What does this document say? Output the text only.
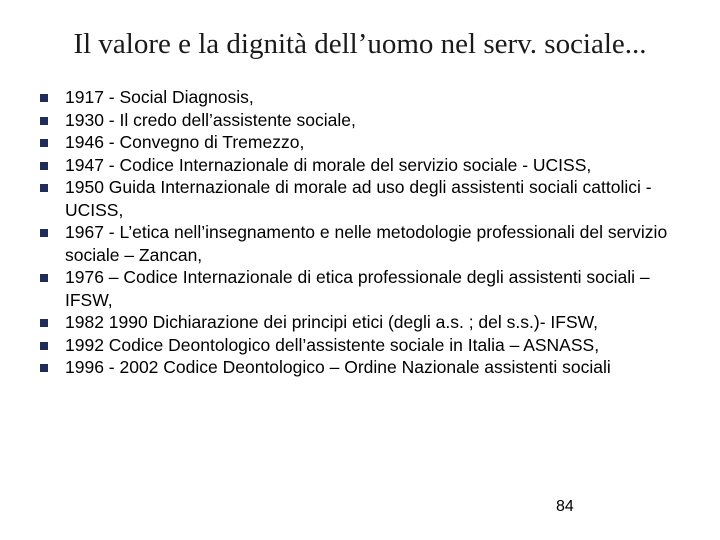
Il valore e la dignità dell’uomo nel serv. sociale...
1917 - Social Diagnosis,
1930 - Il credo dell’assistente sociale,
1946 - Convegno di Tremezzo,
1947 - Codice Internazionale di morale del servizio sociale - UCISS,
1950 Guida Internazionale di morale ad uso degli assistenti sociali cattolici - UCISS,
1967 - L’etica nell’insegnamento e nelle metodologie professionali del servizio sociale – Zancan,
1976 – Codice Internazionale di etica professionale degli assistenti sociali – IFSW,
1982 1990 Dichiarazione dei principi etici (degli a.s. ; del s.s.)- IFSW,
1992 Codice Deontologico dell’assistente sociale in Italia – ASNASS,
1996 - 2002 Codice Deontologico – Ordine Nazionale assistenti sociali
84
